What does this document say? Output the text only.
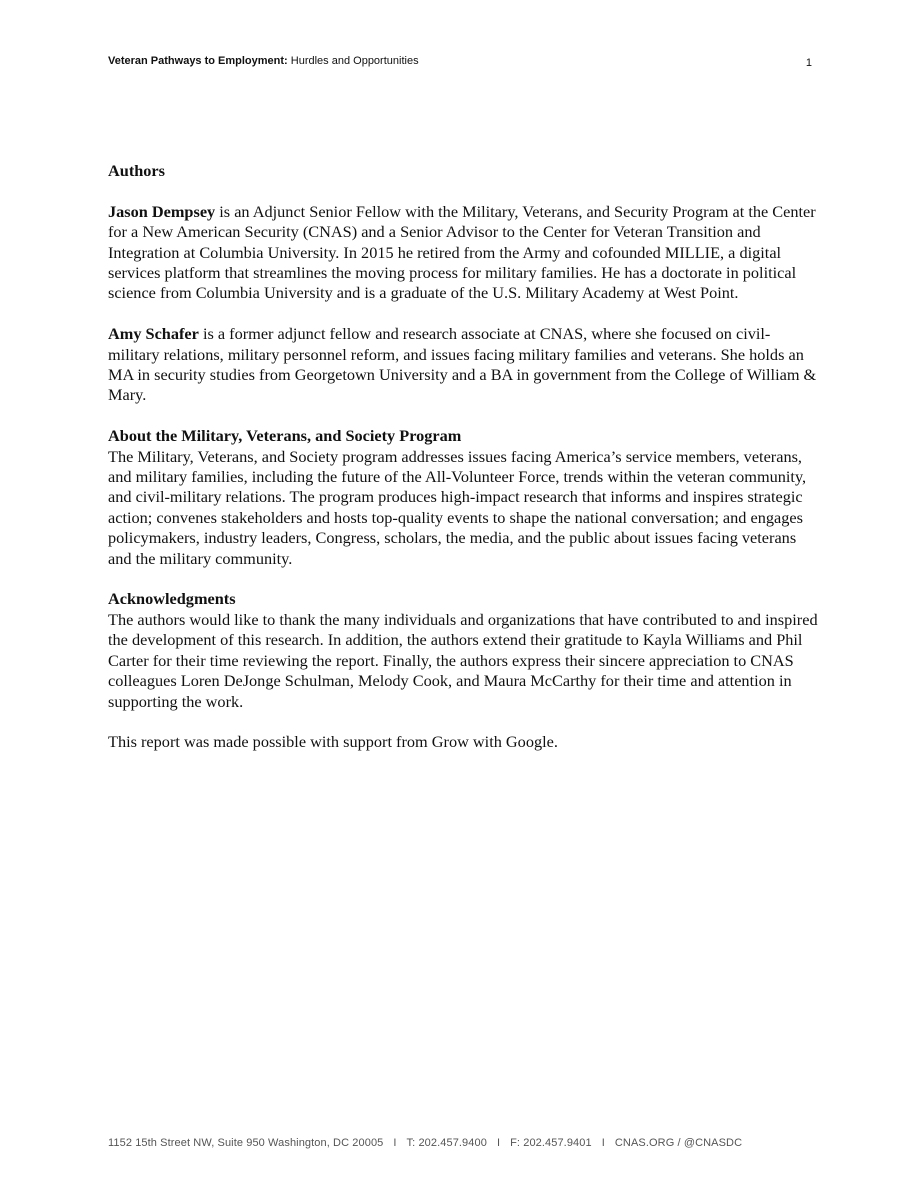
Veteran Pathways to Employment: Hurdles and Opportunities	1

Authors

Jason Dempsey is an Adjunct Senior Fellow with the Military, Veterans, and Security Program at the Center for a New American Security (CNAS) and a Senior Advisor to the Center for Veteran Transition and Integration at Columbia University. In 2015 he retired from the Army and cofounded MILLIE, a digital services platform that streamlines the moving process for military families. He has a doctorate in political science from Columbia University and is a graduate of the U.S. Military Academy at West Point.

Amy Schafer is a former adjunct fellow and research associate at CNAS, where she focused on civil-military relations, military personnel reform, and issues facing military families and veterans. She holds an MA in security studies from Georgetown University and a BA in government from the College of William & Mary.

About the Military, Veterans, and Society Program

The Military, Veterans, and Society program addresses issues facing America’s service members, veterans, and military families, including the future of the All-Volunteer Force, trends within the veteran community, and civil-military relations. The program produces high-impact research that informs and inspires strategic action; convenes stakeholders and hosts top-quality events to shape the national conversation; and engages policymakers, industry leaders, Congress, scholars, the media, and the public about issues facing veterans and the military community.

Acknowledgments

The authors would like to thank the many individuals and organizations that have contributed to and inspired the development of this research. In addition, the authors extend their gratitude to Kayla Williams and Phil Carter for their time reviewing the report. Finally, the authors express their sincere appreciation to CNAS colleagues Loren DeJonge Schulman, Melody Cook, and Maura McCarthy for their time and attention in supporting the work.

This report was made possible with support from Grow with Google.

1152 15th Street NW, Suite 950 Washington, DC 20005 I T: 202.457.9400 I F: 202.457.9401 I CNAS.ORG / @CNASDC
